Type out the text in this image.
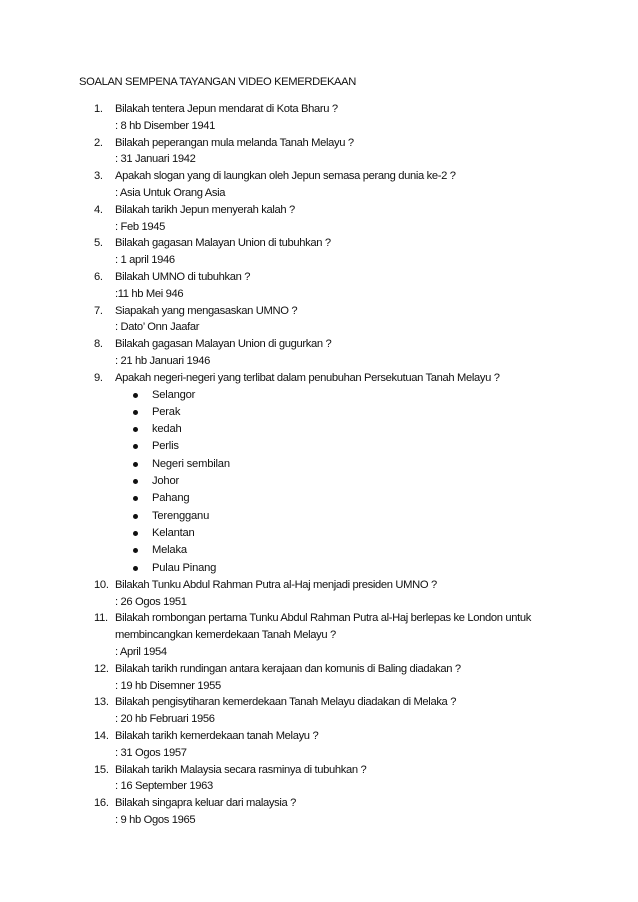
SOALAN SEMPENA TAYANGAN VIDEO KEMERDEKAAN
1.	Bilakah tentera Jepun mendarat di Kota Bharu ?
: 8 hb Disember 1941
2.	Bilakah peperangan mula melanda Tanah Melayu ?
: 31 Januari 1942
3.	Apakah slogan yang di laungkan oleh Jepun semasa perang dunia ke-2 ?
: Asia Untuk Orang Asia
4.	Bilakah tarikh Jepun menyerah kalah ?
: Feb 1945
5.	Bilakah gagasan Malayan Union di tubuhkan ?
: 1 april 1946
6.	Bilakah UMNO di tubuhkan ?
:11 hb Mei 946
7.	Siapakah yang mengasaskan UMNO ?
: Dato’ Onn Jaafar
8.	Bilakah gagasan Malayan Union di gugurkan ?
: 21 hb Januari 1946
9.	Apakah negeri-negeri yang terlibat dalam penubuhan Persekutuan Tanah Melayu ?
Selangor
Perak
kedah
Perlis
Negeri sembilan
Johor
Pahang
Terengganu
Kelantan
Melaka
Pulau Pinang
10. Bilakah Tunku Abdul Rahman Putra al-Haj menjadi presiden UMNO ?
: 26 Ogos 1951
11. Bilakah rombongan pertama Tunku Abdul Rahman Putra al-Haj berlepas ke London untuk
membincangkan kemerdekaan Tanah Melayu ?
: April 1954
12. Bilakah tarikh rundingan antara kerajaan dan komunis di Baling diadakan ?
: 19 hb Disemner 1955
13. Bilakah pengisytiharan kemerdekaan Tanah Melayu diadakan di Melaka ?
: 20 hb Februari 1956
14. Bilakah tarikh kemerdekaan tanah Melayu ?
: 31 Ogos 1957
15. Bilakah tarikh Malaysia secara rasminya di tubuhkan ?
: 16 September 1963
16. Bilakah singapra keluar dari malaysia ?
: 9 hb Ogos 1965
